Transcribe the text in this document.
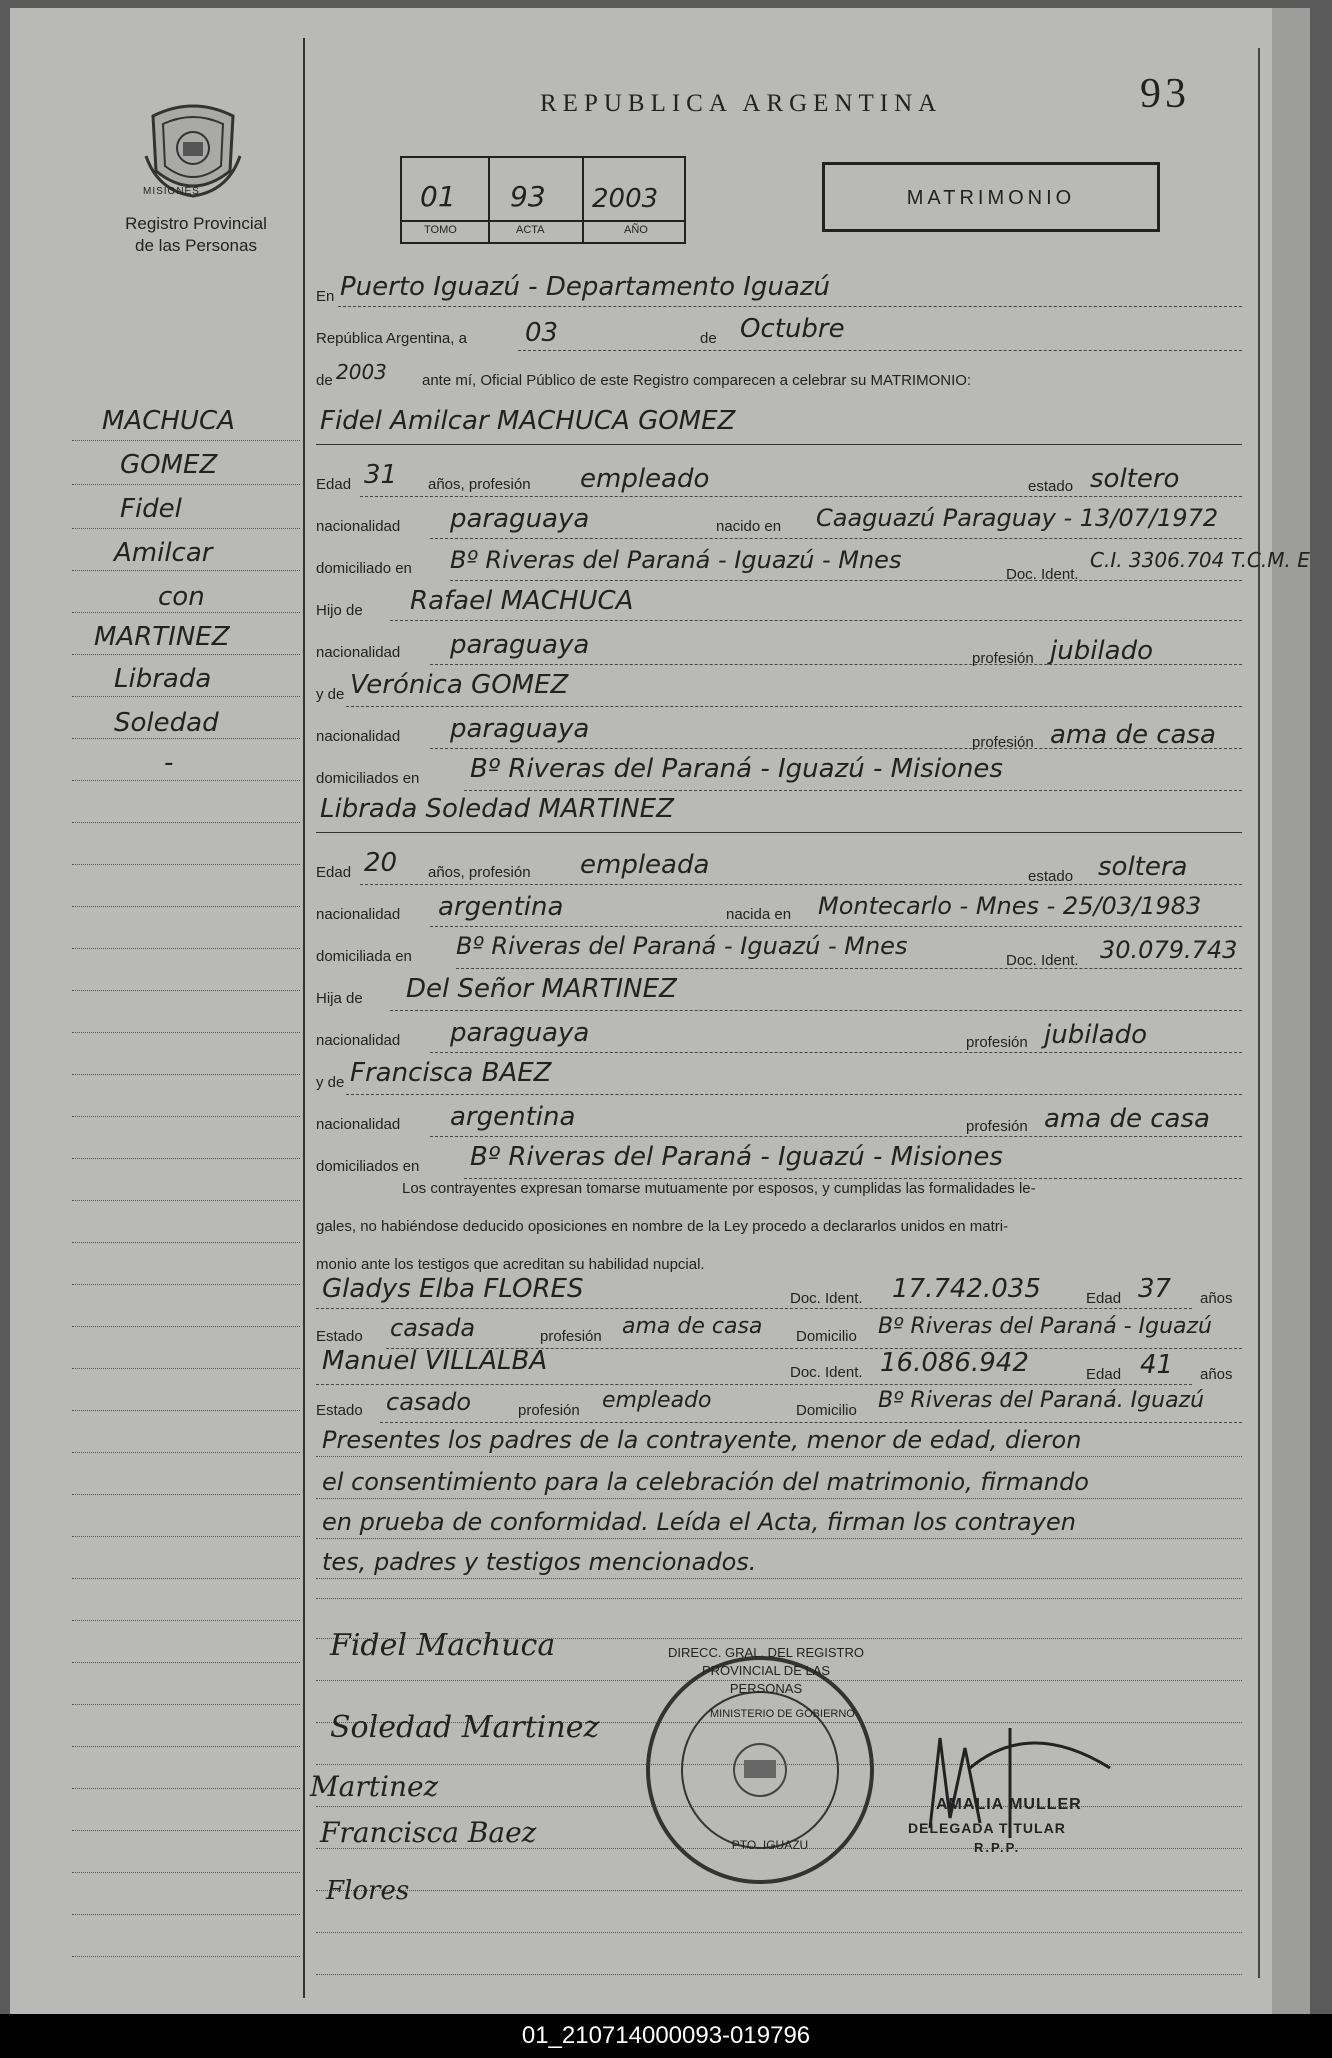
MISIONES
Registro Provincial
de las Personas
REPUBLICA ARGENTINA	93
01 93 2003
TOMO	ACTA	AÑO
MATRIMONIO
MACHUCA
GOMEZ
Fidel
Amilcar
con
MARTINEZ
Librada
Soledad
-
En Puerto Iguazú - Departamento Iguazú
República Argentina, a 03	de Octubre
de 2003 ante mí, Oficial Público de este Registro comparecen a celebrar su MATRIMONIO:
Fidel Amilcar MACHUCA GOMEZ
Edad 31 años, profesión empleado	estado soltero
nacionalidad paraguaya	nacido en Caaguazú Paraguay - 13/07/1972
domiciliado en Bº Riveras del Paraná - Iguazú - Mnes
Doc. Ident.
C.I. 3306.704 T.C.M. E
Hijo de Rafael MACHUCA
nacionalidad paraguaya	profesión jubilado
y de Verónica GOMEZ
nacionalidad paraguaya	profesión ama de casa
domiciliados en Bº Riveras del Paraná - Iguazú - Misiones
Librada Soledad MARTINEZ
Edad 20 años, profesión empleada	estado soltera
nacionalidad argentina	nacida en Montecarlo - Mnes - 25/03/1983
domiciliada en Bº Riveras del Paraná - Iguazú - Mnes
Doc. Ident. 30.079.743
Hija de Del Señor MARTINEZ
nacionalidad paraguaya	profesión jubilado
y de Francisca BAEZ
nacionalidad argentina	profesión ama de casa
domiciliados en Bº Riveras del Paraná - Iguazú - Misiones
Los contrayentes expresan tomarse mutuamente por esposos, y cumplidas las formalidades le-
gales, no habiéndose deducido oposiciones en nombre de la Ley procedo a declararlos unidos en matri-
monio ante los testigos que acreditan su habilidad nupcial.
Gladys Elba FLORES	Doc. Ident. 17.742.035	Edad 37 años
Estado casada	profesión ama de casa Domicilio Bº Riveras del Paraná - Iguazú
Manuel VILLALBA	Doc. Ident. 16.086.942	Edad 41 años
Estado casado	profesión empleado	Domicilio Bº Riveras del Paraná. Iguazú
Presentes los padres de la contrayente, menor de edad, dieron
el consentimiento para la celebración del matrimonio, firmando
en prueba de conformidad. Leída el Acta, firman los contrayen
tes, padres y testigos mencionados.
Fidel Machuca
Soledad Martinez
Martinez
Francisca Baez
Flores
DIRECC. GRAL. DEL REGISTRO PROVINCIAL DE LAS PERSONAS
MINISTERIO DE GOBIERNO
PTO. IGUAZU
AMALIA MULLER
DELEGADA TITULAR
R.P.P.
01_210714000093-019796
